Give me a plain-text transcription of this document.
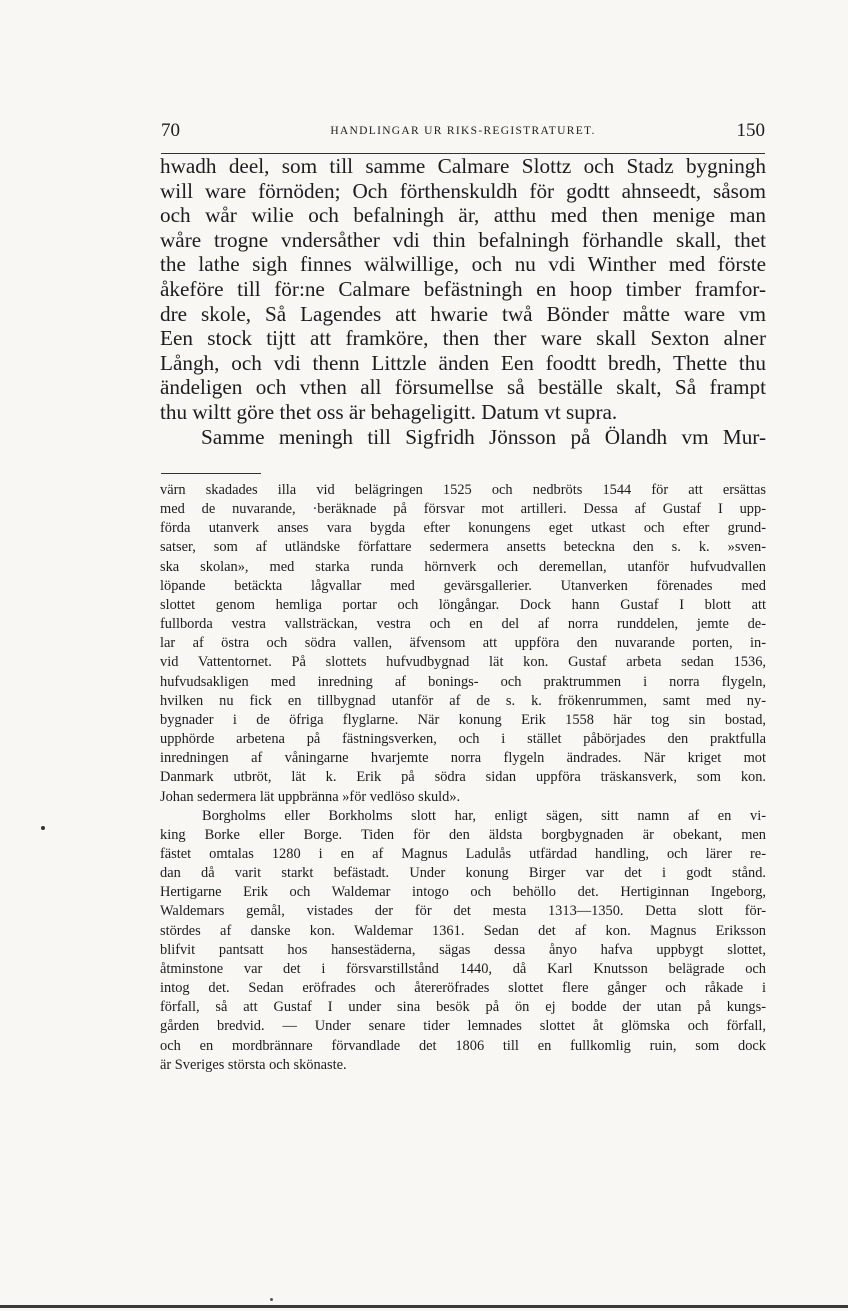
70	HANDLINGAR UR RIKS-REGISTRATURET.	150
hwadh deel, som till samme Calmare Slottz och Stadz bygningh
will ware förnöden; Och förthenskuldh för godtt ahnseedt, såsom
och wår wilie och befalningh är, atthu med then menige man
wåre trogne vndersåther vdi thin befalningh förhandle skall, thet
the lathe sigh finnes wälwillige, och nu vdi Winther med förste
åkeföre till för:ne Calmare befästningh en hoop timber framfor-
dre skole, Så Lagendes att hwarie twå Bönder måtte ware vm
Een stock tijtt att framköre, then ther ware skall Sexton alner
Långh, och vdi thenn Littzle änden Een foodtt bredh, Thette thu
ändeligen och vthen all försumellse så beställe skalt, Så frampt
thu wiltt göre thet oss är behageligitt. Datum vt supra.
Samme meningh till Sigfridh Jönsson på Ölandh vm Mur-
värn skadades illa vid belägringen 1525 och nedbröts 1544 för att ersättas
med de nuvarande, ·beräknade på försvar mot artilleri. Dessa af Gustaf I upp-
förda utanverk anses vara bygda efter konungens eget utkast och efter grund-
satser, som af utländske författare sedermera ansetts beteckna den s. k. »sven-
ska skolan», med starka runda hörnverk och deremellan, utanför hufvudvallen
löpande betäckta lågvallar med gevärsgallerier. Utanverken förenades med
slottet genom hemliga portar och löngångar. Dock hann Gustaf I blott att
fullborda vestra vallsträckan, vestra och en del af norra runddelen, jemte de-
lar af östra och södra vallen, äfvensom att uppföra den nuvarande porten, in-
vid Vattentornet. På slottets hufvudbygnad lät kon. Gustaf arbeta sedan 1536,
hufvudsakligen med inredning af bonings- och praktrummen i norra flygeln,
hvilken nu fick en tillbygnad utanför af de s. k. frökenrummen, samt med ny-
bygnader i de öfriga flyglarne. När konung Erik 1558 här tog sin bostad,
upphörde arbetena på fästningsverken, och i stället påbörjades den praktfulla
inredningen af våningarne hvarjemte norra flygeln ändrades. När kriget mot
Danmark utbröt, lät k. Erik på södra sidan uppföra träskansverk, som kon.
Johan sedermera lät uppbränna »för vedlöso skuld».
Borgholms eller Borkholms slott har, enligt sägen, sitt namn af en vi-
king Borke eller Borge. Tiden för den äldsta borgbygnaden är obekant, men
fästet omtalas 1280 i en af Magnus Ladulås utfärdad handling, och lärer re-
dan då varit starkt befästadt. Under konung Birger var det i godt stånd.
Hertigarne Erik och Waldemar intogo och behöllo det. Hertiginnan Ingeborg,
Waldemars gemål, vistades der för det mesta 1313—1350. Detta slott för-
stördes af danske kon. Waldemar 1361. Sedan det af kon. Magnus Eriksson
blifvit pantsatt hos hansestäderna, sägas dessa ånyo hafva uppbygt slottet,
åtminstone var det i försvarstillstånd 1440, då Karl Knutsson belägrade och
intog det. Sedan eröfrades och återeröfrades slottet flere gånger och råkade i
förfall, så att Gustaf I under sina besök på ön ej bodde der utan på kungs-
gården bredvid. — Under senare tider lemnades slottet åt glömska och förfall,
och en mordbrännare förvandlade det 1806 till en fullkomlig ruin, som dock
är Sveriges största och skönaste.
